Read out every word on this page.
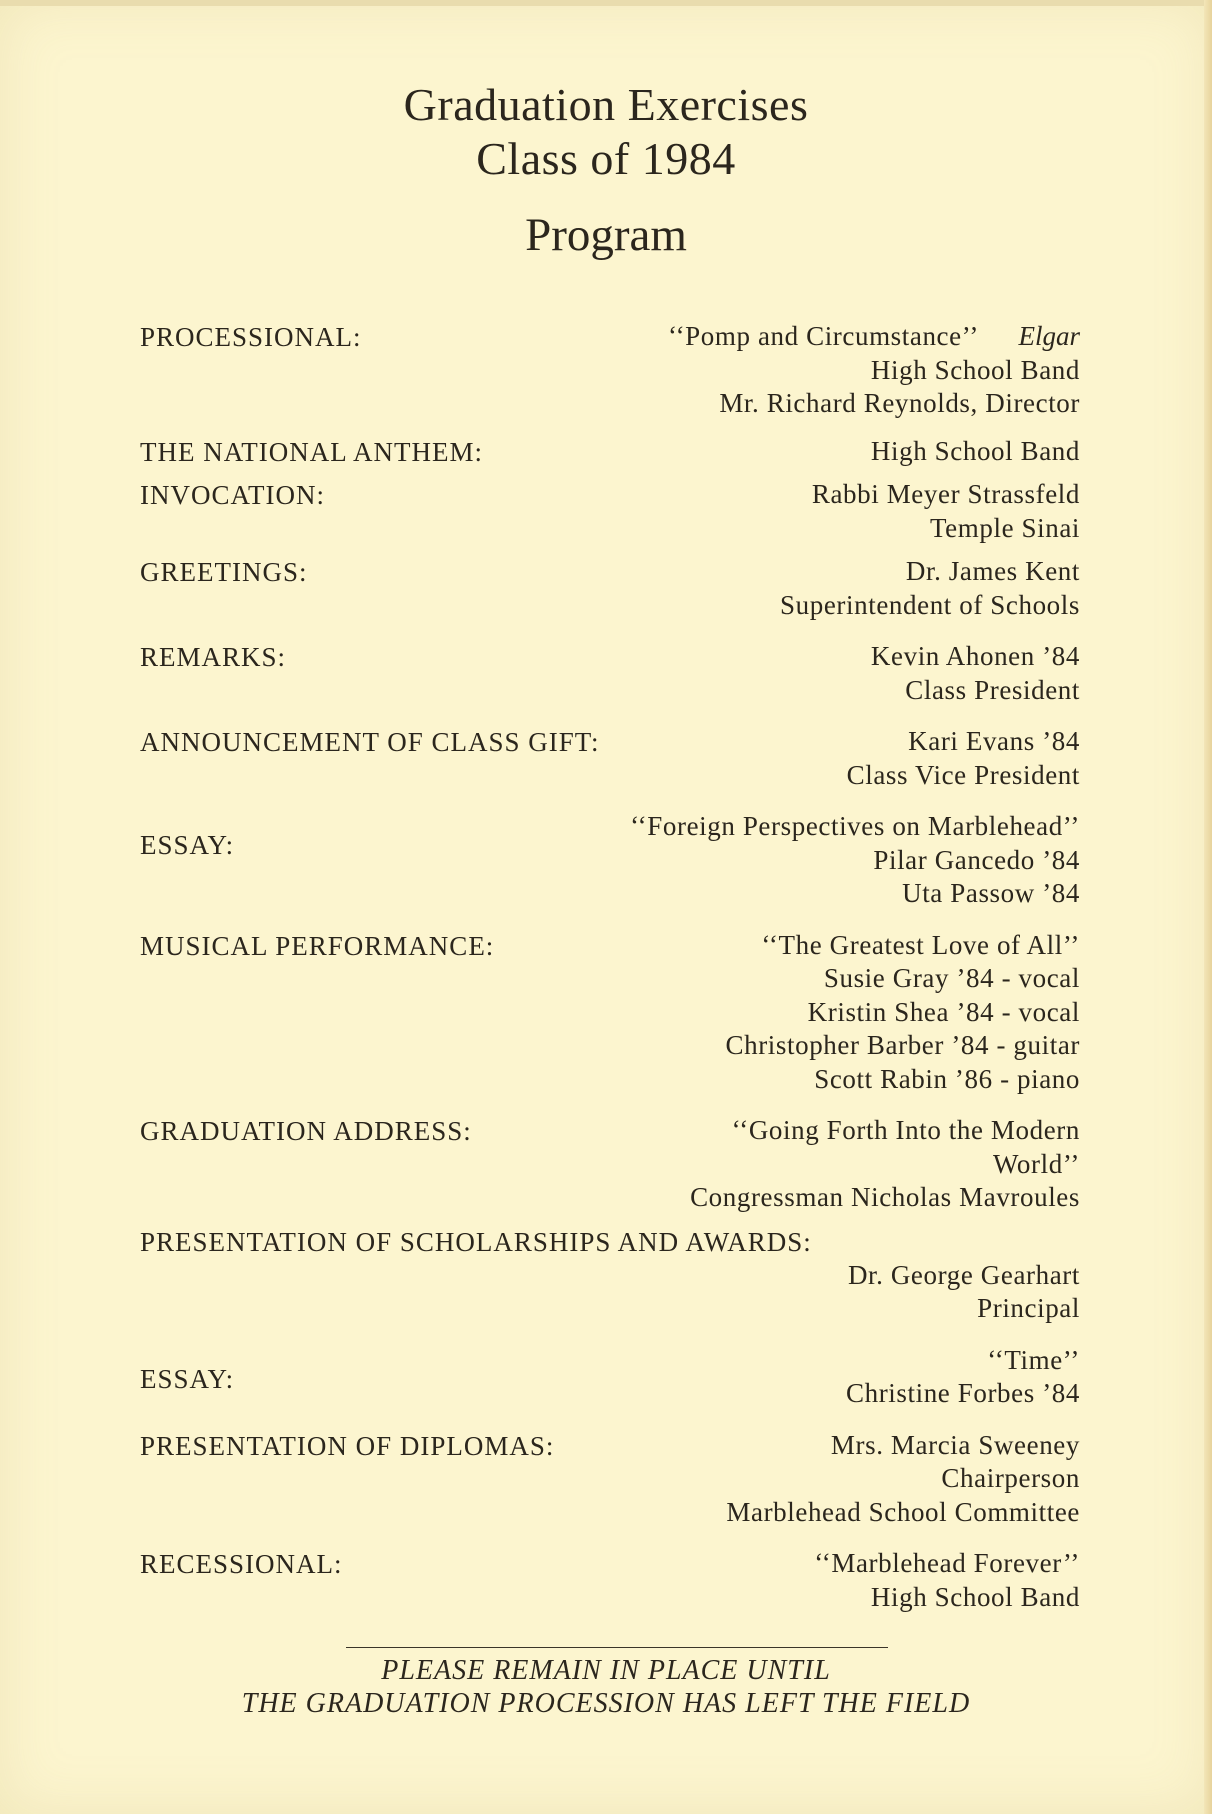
Graduation Exercises
Class of 1984
Program
PROCESSIONAL:	‘‘Pomp and Circumstance’’	Elgar
High School Band
Mr. Richard Reynolds, Director
THE NATIONAL ANTHEM:	High School Band
INVOCATION:	Rabbi Meyer Strassfeld
Temple Sinai
GREETINGS:	Dr. James Kent
Superintendent of Schools
REMARKS:	Kevin Ahonen ’84
Class President
ANNOUNCEMENT OF CLASS GIFT:	Kari Evans ’84
Class Vice President
ESSAY:
‘‘Foreign Perspectives on Marblehead’’
Pilar Gancedo ’84
Uta Passow ’84
MUSICAL PERFORMANCE:	‘‘The Greatest Love of All’’
Susie Gray ’84 - vocal
Kristin Shea ’84 - vocal
Christopher Barber ’84 - guitar
Scott Rabin ’86 - piano
GRADUATION ADDRESS:	‘‘Going Forth Into the Modern
World’’
Congressman Nicholas Mavroules
PRESENTATION OF SCHOLARSHIPS AND AWARDS:
Dr. George Gearhart
Principal
ESSAY:
‘‘Time’’
Christine Forbes ’84
PRESENTATION OF DIPLOMAS:	Mrs. Marcia Sweeney
Chairperson
Marblehead School Committee
RECESSIONAL:	‘‘Marblehead Forever’’
High School Band
PLEASE REMAIN IN PLACE UNTIL
THE GRADUATION PROCESSION HAS LEFT THE FIELD
